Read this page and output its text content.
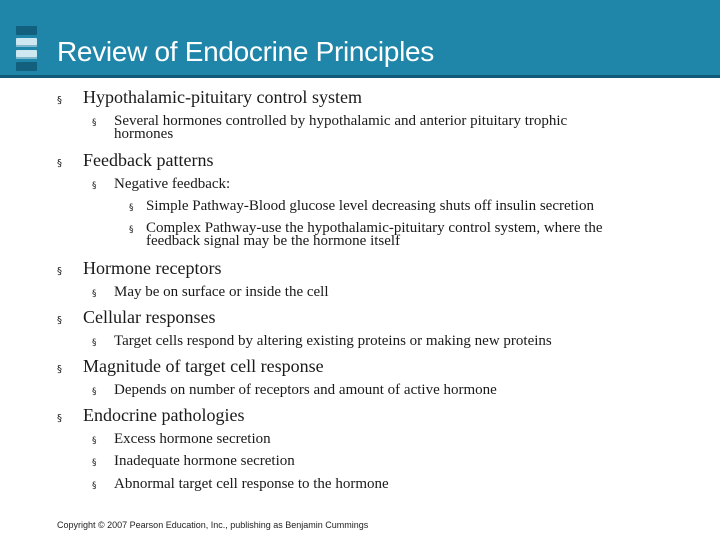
Review of Endocrine Principles
§ Hypothalamic-pituitary control system
§ Several hormones controlled by hypothalamic and anterior pituitary trophic
hormones
§ Feedback patterns
§ Negative feedback:
§ Simple Pathway-Blood glucose level decreasing shuts off insulin secretion
§ Complex Pathway-use the hypothalamic-pituitary control system, where the
feedback signal may be the hormone itself
§ Hormone receptors
§ May be on surface or inside the cell
§ Cellular responses
§ Target cells respond by altering existing proteins or making new proteins
§ Magnitude of target cell response
§ Depends on number of receptors and amount of active hormone
§ Endocrine pathologies
§ Excess hormone secretion
§ Inadequate hormone secretion
§ Abnormal target cell response to the hormone
Copyright © 2007 Pearson Education, Inc., publishing as Benjamin Cummings
